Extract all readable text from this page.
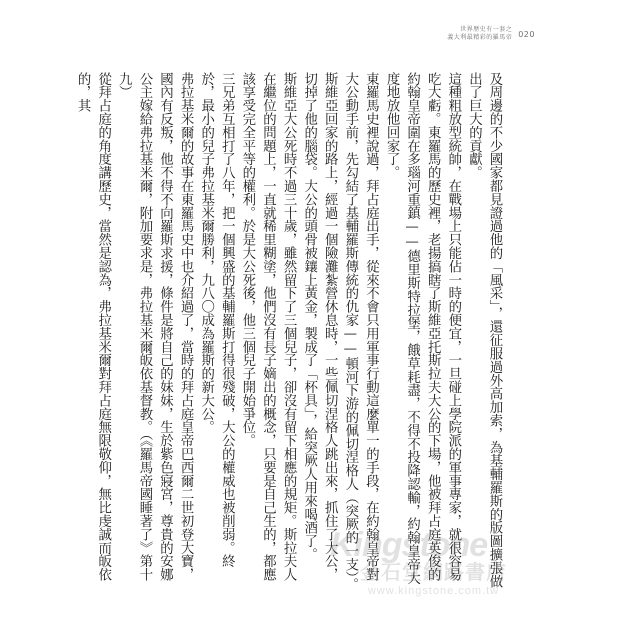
世界歷史有一套之
義大利最精彩的羅馬帝 020

及周邊的不少國家都見證過他的「風采」，還征服過外高加索，為基輔羅斯的版圖擴張做出了巨大的貢獻。

這種粗放型統帥，在戰場上只能佔一時的便宜，一旦碰上學院派的軍事專家，就很容易吃大虧。東羅馬的歷史裡，老揚搞瞎了斯維亞托斯拉夫大公的下場，他被拜占庭英俊的約翰皇帝圍在多瑙河重鎮——德里斯特拉堡，餓草耗盡，不得不投降認輸，約翰皇帝大度地放他回家了。

東羅馬史裡說過，拜占庭出手，從來不會只用軍事行動這麼單一的手段，在約翰皇帝對大公動手前，先勾結了基輔羅斯傳統的仇家——頓河下游的佩切涅格人（突厥的一支）。斯維亞回家的路上，經過一個險灘紮營休息時，一些佩切涅格人跳出來，抓住了大公，切掉了他的腦袋。大公的頭骨被鑲上黃金，製成了「杯具」，給突厥人用來喝酒了。

斯維亞大公死時不過三十歲，雖然留下了三個兒子，卻沒有留下相應的規矩。斯拉夫人在繼位的問題上，一直就稀里糊塗，他們沒有長子嫡出的概念，只要是自己生的，都應該享受完全平等的權利。於是大公死後，他三個兒子開始爭位。

三兄弟互相打了八年，把一個興盛的基輔羅斯打得很殘破，大公的權威也被削弱。終於，最小的兒子弗拉基米爾勝利，九八〇成為羅斯的新大公。

弗拉基米爾的故事在東羅馬史中也介紹過了，當時的拜占庭皇帝巴西爾二世初登大寶，國內有反叛，他不得不向羅斯求援，條件是將自己的妹妹，生於紫色寢宮，尊貴的安娜公主嫁給弗拉基米爾，附加要求是，弗拉基米爾皈依基督教。（《羅馬帝國睡著了》第十九）

從拜占庭的角度講歷史，當然是認為，弗拉基米爾對拜占庭無限敬仰，無比虔誠而皈依的，其

Kingstone
金石堂網路書店
www.kingstone.com.tw
